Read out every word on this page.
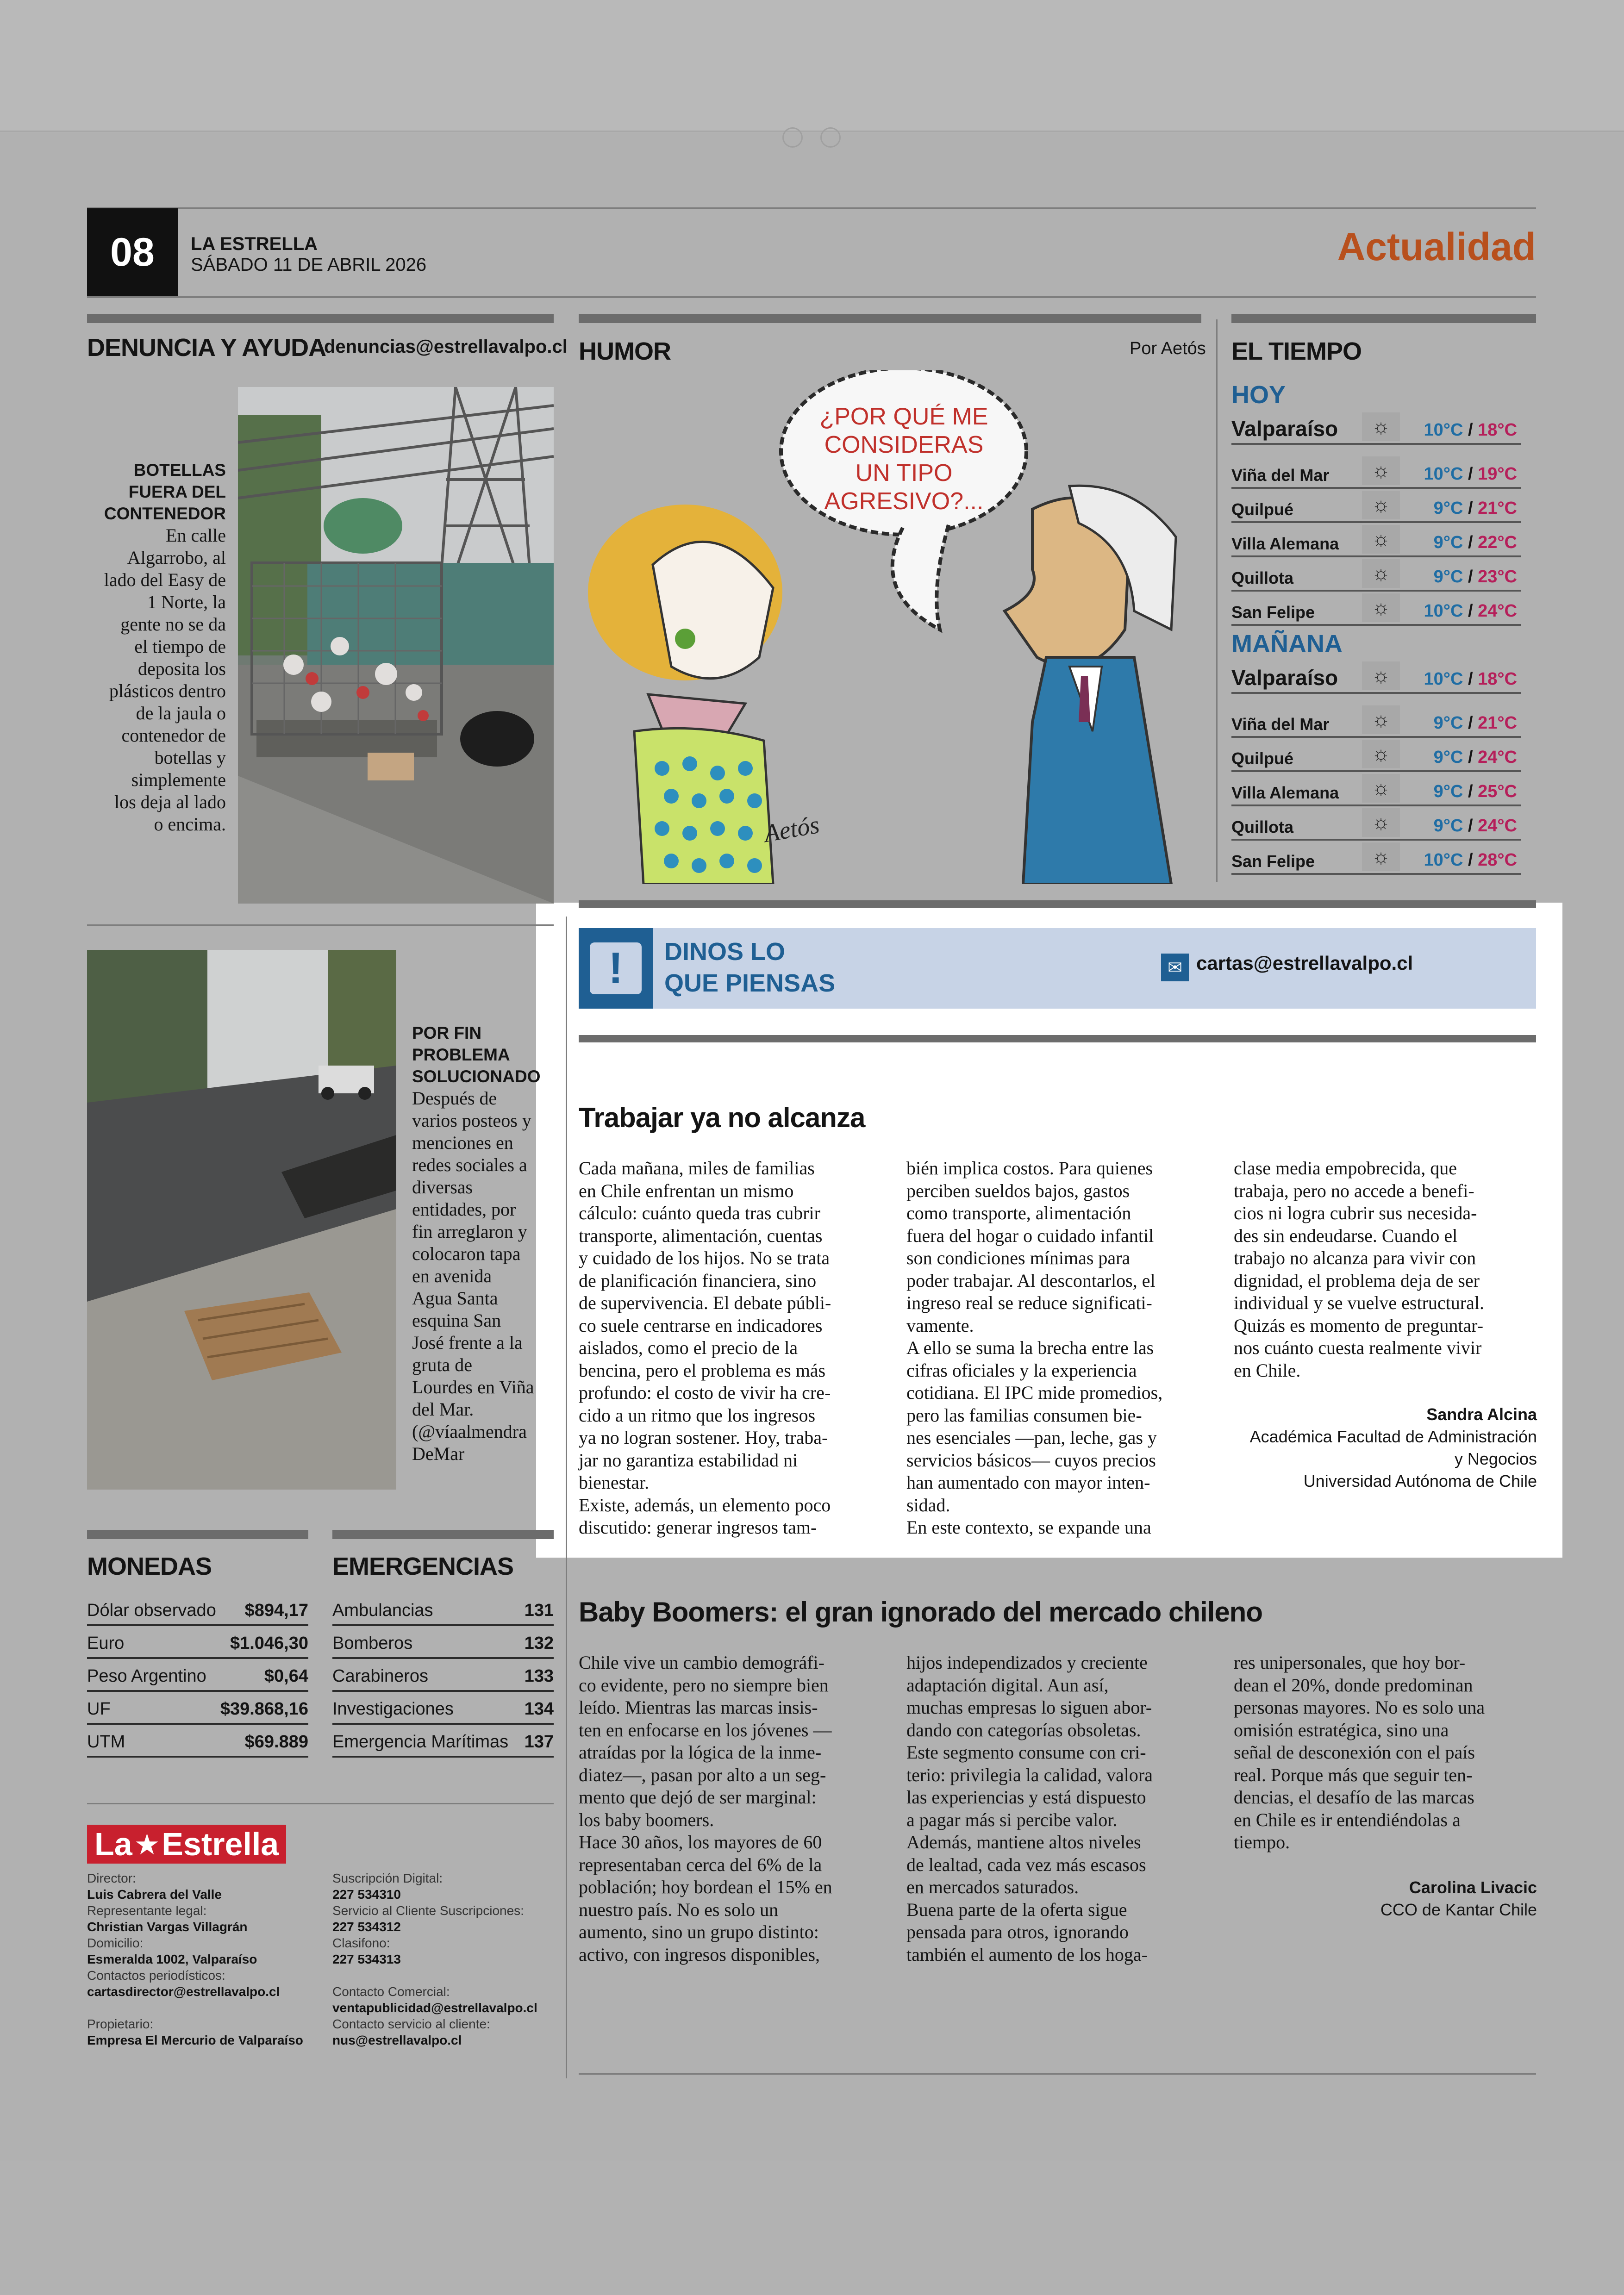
08	LA ESTRELLA
SÁBADO 11 DE ABRIL 2026	Actualidad
DENUNCIA Y AYUDA
denuncias@estrellavalpo.cl
BOTELLAS
FUERA DEL
CONTENEDOR
En calle
Algarrobo, al
lado del Easy de
1 Norte, la
gente no se da
el tiempo de
deposita los
plásticos dentro
de la jaula o
contenedor de
botellas y
simplemente
los deja al lado
o encima.
POR FIN
PROBLEMA
SOLUCIONADO
Después de
varios posteos y
menciones en
redes sociales a
diversas
entidades, por
fin arreglaron y
colocaron tapa
en avenida
Agua Santa
esquina San
José frente a la
gruta de
Lourdes en Viña
del Mar.
(@víaalmendra
DeMar
HUMOR	Por Aetós
¿POR QUÉ ME
CONSIDERAS
UN TIPO
AGRESIVO?...
Aetós
EL TIEMPO
HOY
Valparaíso	☼	10°C / 18°C
Viña del Mar	☼	10°C / 19°C
Quilpué	☼	9°C / 21°C
Villa Alemana	☼	9°C / 22°C
Quillota	☼	9°C / 23°C
San Felipe	☼	10°C / 24°C
MAÑANA
Valparaíso	☼	10°C / 18°C
Viña del Mar	☼	9°C / 21°C
Quilpué	☼	9°C / 24°C
Villa Alemana	☼	9°C / 25°C
Quillota	☼	9°C / 24°C
San Felipe	☼	10°C / 28°C
!	DINOS LO
QUE PIENSAS
✉ cartas@estrellavalpo.cl
Trabajar ya no alcanza

Cada mañana, miles de familias

en Chile enfrentan un mismo

cálculo: cuánto queda tras cubrir

transporte, alimentación, cuentas

y cuidado de los hijos. No se trata

de planificación financiera, sino

de supervivencia. El debate públi-

co suele centrarse en indicadores

aislados, como el precio de la

bencina, pero el problema es más

profundo: el costo de vivir ha cre-

cido a un ritmo que los ingresos

ya no logran sostener. Hoy, traba-

jar no garantiza estabilidad ni

bienestar.

Existe, además, un elemento poco

discutido: generar ingresos tam-

bién implica costos. Para quienes

perciben sueldos bajos, gastos

como transporte, alimentación

fuera del hogar o cuidado infantil

son condiciones mínimas para

poder trabajar. Al descontarlos, el

ingreso real se reduce significati-

vamente.

A ello se suma la brecha entre las

cifras oficiales y la experiencia

cotidiana. El IPC mide promedios,

pero las familias consumen bie-

nes esenciales —pan, leche, gas y

servicios básicos— cuyos precios

han aumentado con mayor inten-

sidad.

En este contexto, se expande una

clase media empobrecida, que

trabaja, pero no accede a benefi-

cios ni logra cubrir sus necesida-

des sin endeudarse. Cuando el

trabajo no alcanza para vivir con

dignidad, el problema deja de ser

individual y se vuelve estructural.

Quizás es momento de preguntar-

nos cuánto cuesta realmente vivir

en Chile.

Sandra Alcina
Académica Facultad de Administración
y Negocios
Universidad Autónoma de Chile
MONEDAS
Dólar observado $894,17
Euro	$1.046,30
Peso Argentino	$0,64
UF	$39.868,16
UTM	$69.889
EMERGENCIAS
Ambulancias	131
Bomberos	132
Carabineros	133
Investigaciones	134
Emergencia Marítimas 137
La ★ Estrella
Director:
Luis Cabrera del Valle
Representante legal:
Christian Vargas Villagrán
Domicilio:
Esmeralda 1002, Valparaíso
Contactos periodísticos:
cartasdirector@estrellavalpo.cl
Propietario:
Empresa El Mercurio de Valparaíso
Suscripción Digital:
227 534310
Servicio al Cliente Suscripciones:
227 534312
Clasifono:
227 534313
Contacto Comercial:
ventapublicidad@estrellavalpo.cl
Contacto servicio al cliente:
nus@estrellavalpo.cl
Baby Boomers: el gran ignorado del mercado chileno

Chile vive un cambio demográfi-

co evidente, pero no siempre bien

leído. Mientras las marcas insis-

ten en enfocarse en los jóvenes —

atraídas por la lógica de la inme-

diatez—, pasan por alto a un seg-

mento que dejó de ser marginal:

los baby boomers.

Hace 30 años, los mayores de 60

representaban cerca del 6% de la

población; hoy bordean el 15% en

nuestro país. No es solo un

aumento, sino un grupo distinto:

activo, con ingresos disponibles,

hijos independizados y creciente

adaptación digital. Aun así,

muchas empresas lo siguen abor-

dando con categorías obsoletas.

Este segmento consume con cri-

terio: privilegia la calidad, valora

las experiencias y está dispuesto

a pagar más si percibe valor.

Además, mantiene altos niveles

de lealtad, cada vez más escasos

en mercados saturados.

Buena parte de la oferta sigue

pensada para otros, ignorando

también el aumento de los hoga-

res unipersonales, que hoy bor-

dean el 20%, donde predominan

personas mayores. No es solo una

omisión estratégica, sino una

señal de desconexión con el país

real. Porque más que seguir ten-

dencias, el desafío de las marcas

en Chile es ir entendiéndolas a

tiempo.

Carolina Livacic
CCO de Kantar Chile
